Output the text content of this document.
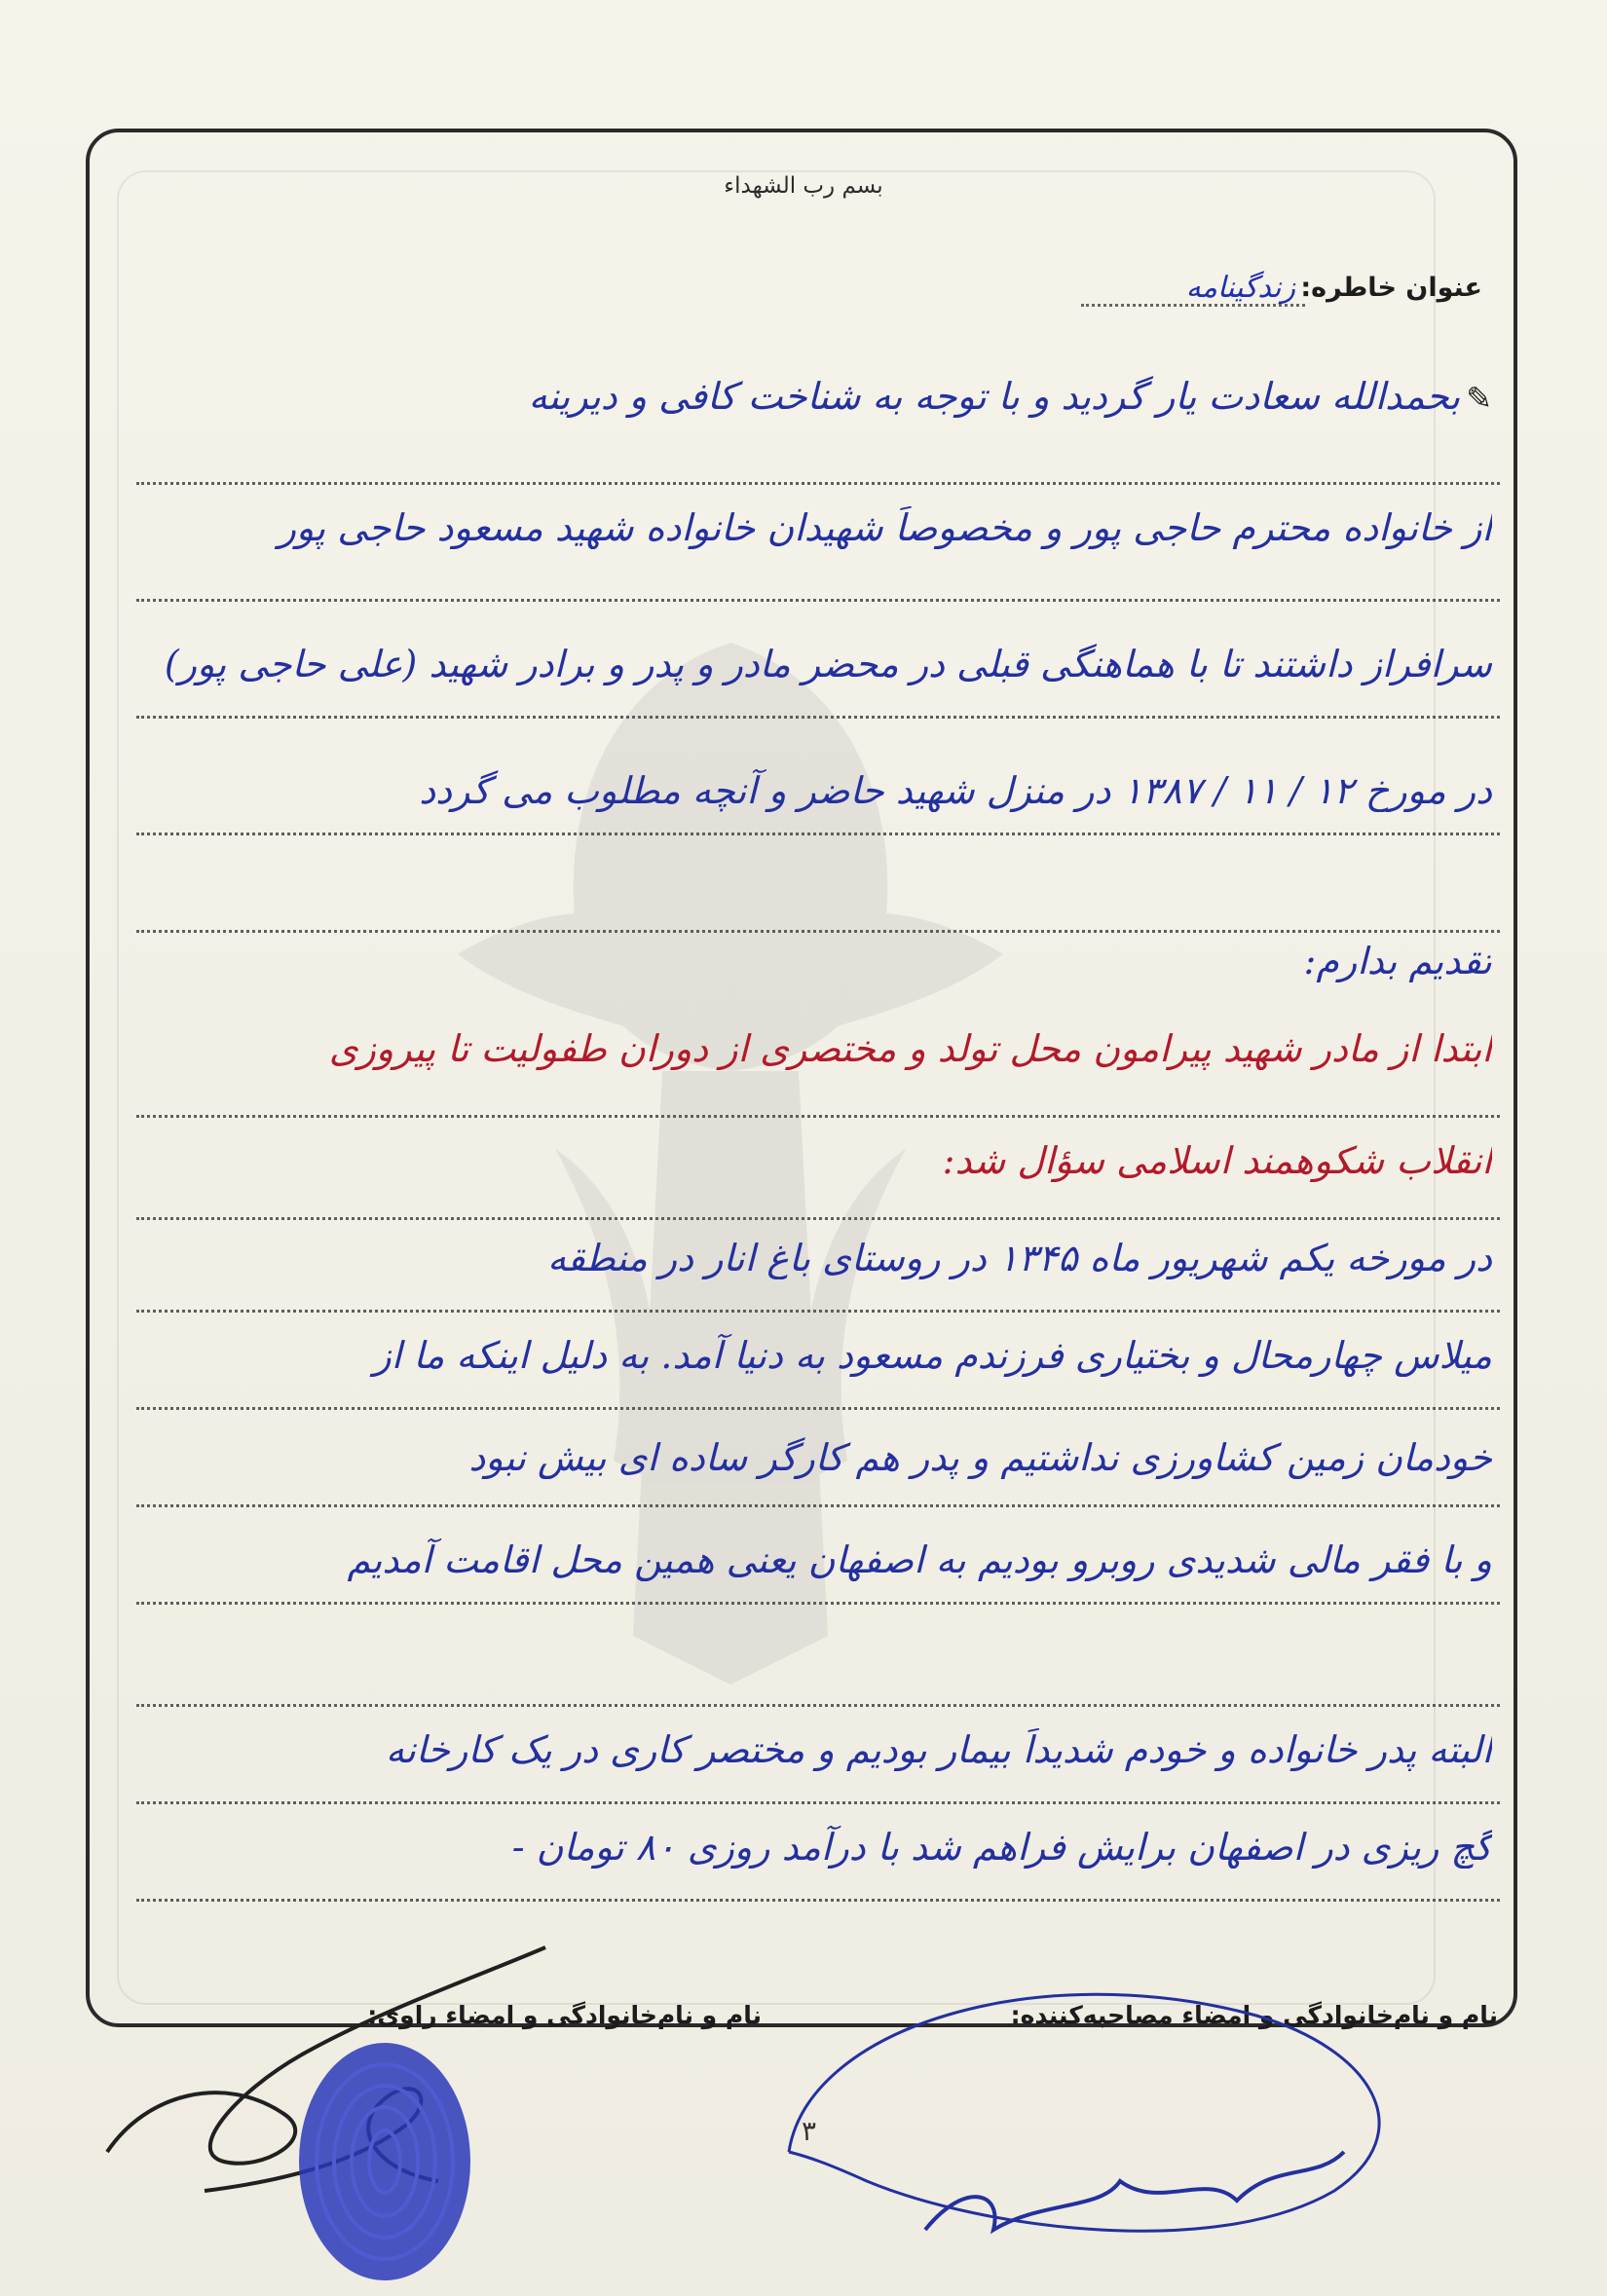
بسم رب الشهداء
عنوان خاطره:
زندگینامه
✎بحمدالله سعادت یار گردید و با توجه به شناخت کافی و دیرینه
از خانواده محترم حاجی پور و مخصوصاً شهیدان خانواده شهید مسعود حاجی پور
سرافراز داشتند تا با هماهنگی قبلی در محضر مادر و پدر و برادر شهید (علی حاجی پور)
در مورخ ۱۲ / ۱۱ / ۱۳۸۷ در منزل شهید حاضر و آنچه مطلوب می گردد
تقدیم بدارم:
ابتدا از مادر شهید پیرامون محل تولد و مختصری از دوران طفولیت تا پیروزی
انقلاب شکوهمند اسلامی سؤال شد:
در مورخه یکم شهریور ماه ۱۳۴۵ در روستای باغ انار در منطقه
میلاس چهارمحال و بختیاری فرزندم مسعود به دنیا آمد. به دلیل اینکه ما از
خودمان زمین کشاورزی نداشتیم و پدر هم کارگر ساده ای بیش نبود
و با فقر مالی شدیدی روبرو بودیم به اصفهان یعنی همین محل اقامت آمدیم
البته پدر خانواده و خودم شدیداً بیمار بودیم و مختصر کاری در یک کارخانه
گچ ریزی در اصفهان برایش فراهم شد با درآمد روزی ۸۰ تومان -
نام و نام‌خانوادگی و امضاء مصاحبه‌کننده:
نام و نام‌خانوادگی و امضاء راوی:
۳
